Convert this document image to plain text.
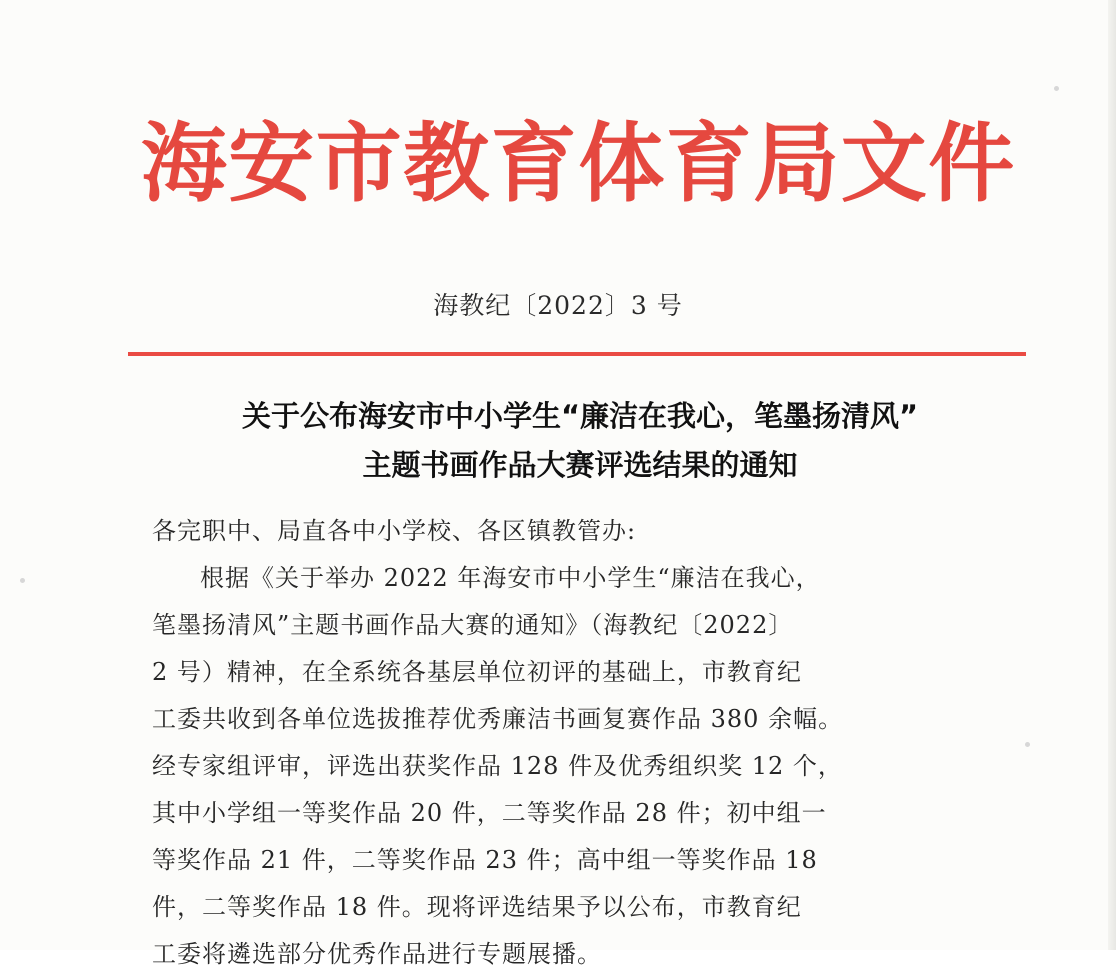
海 安 市 教 育 体 育 局 文 件
海教纪〔2022〕3 号
关于公布海安市中小学生“廉洁在我心，笔墨扬清风”
主题书画作品大赛评选结果的通知
各完职中、局直各中小学校、各区镇教管办:
根据《关于举办 2022 年海安市中小学生“廉洁在我心，
笔墨扬清风”主题书画作品大赛的通知》（海教纪〔2022〕
2 号）精神，在全系统各基层单位初评的基础上，市教育纪
工委共收到各单位选拔推荐优秀廉洁书画复赛作品 380 余幅。
经专家组评审，评选出获奖作品 128 件及优秀组织奖 12 个，
其中小学组一等奖作品 20 件，二等奖作品 28 件；初中组一
等奖作品 21 件，二等奖作品 23 件；高中组一等奖作品 18
件，二等奖作品 18 件。现将评选结果予以公布，市教育纪
工委将遴选部分优秀作品进行专题展播。
